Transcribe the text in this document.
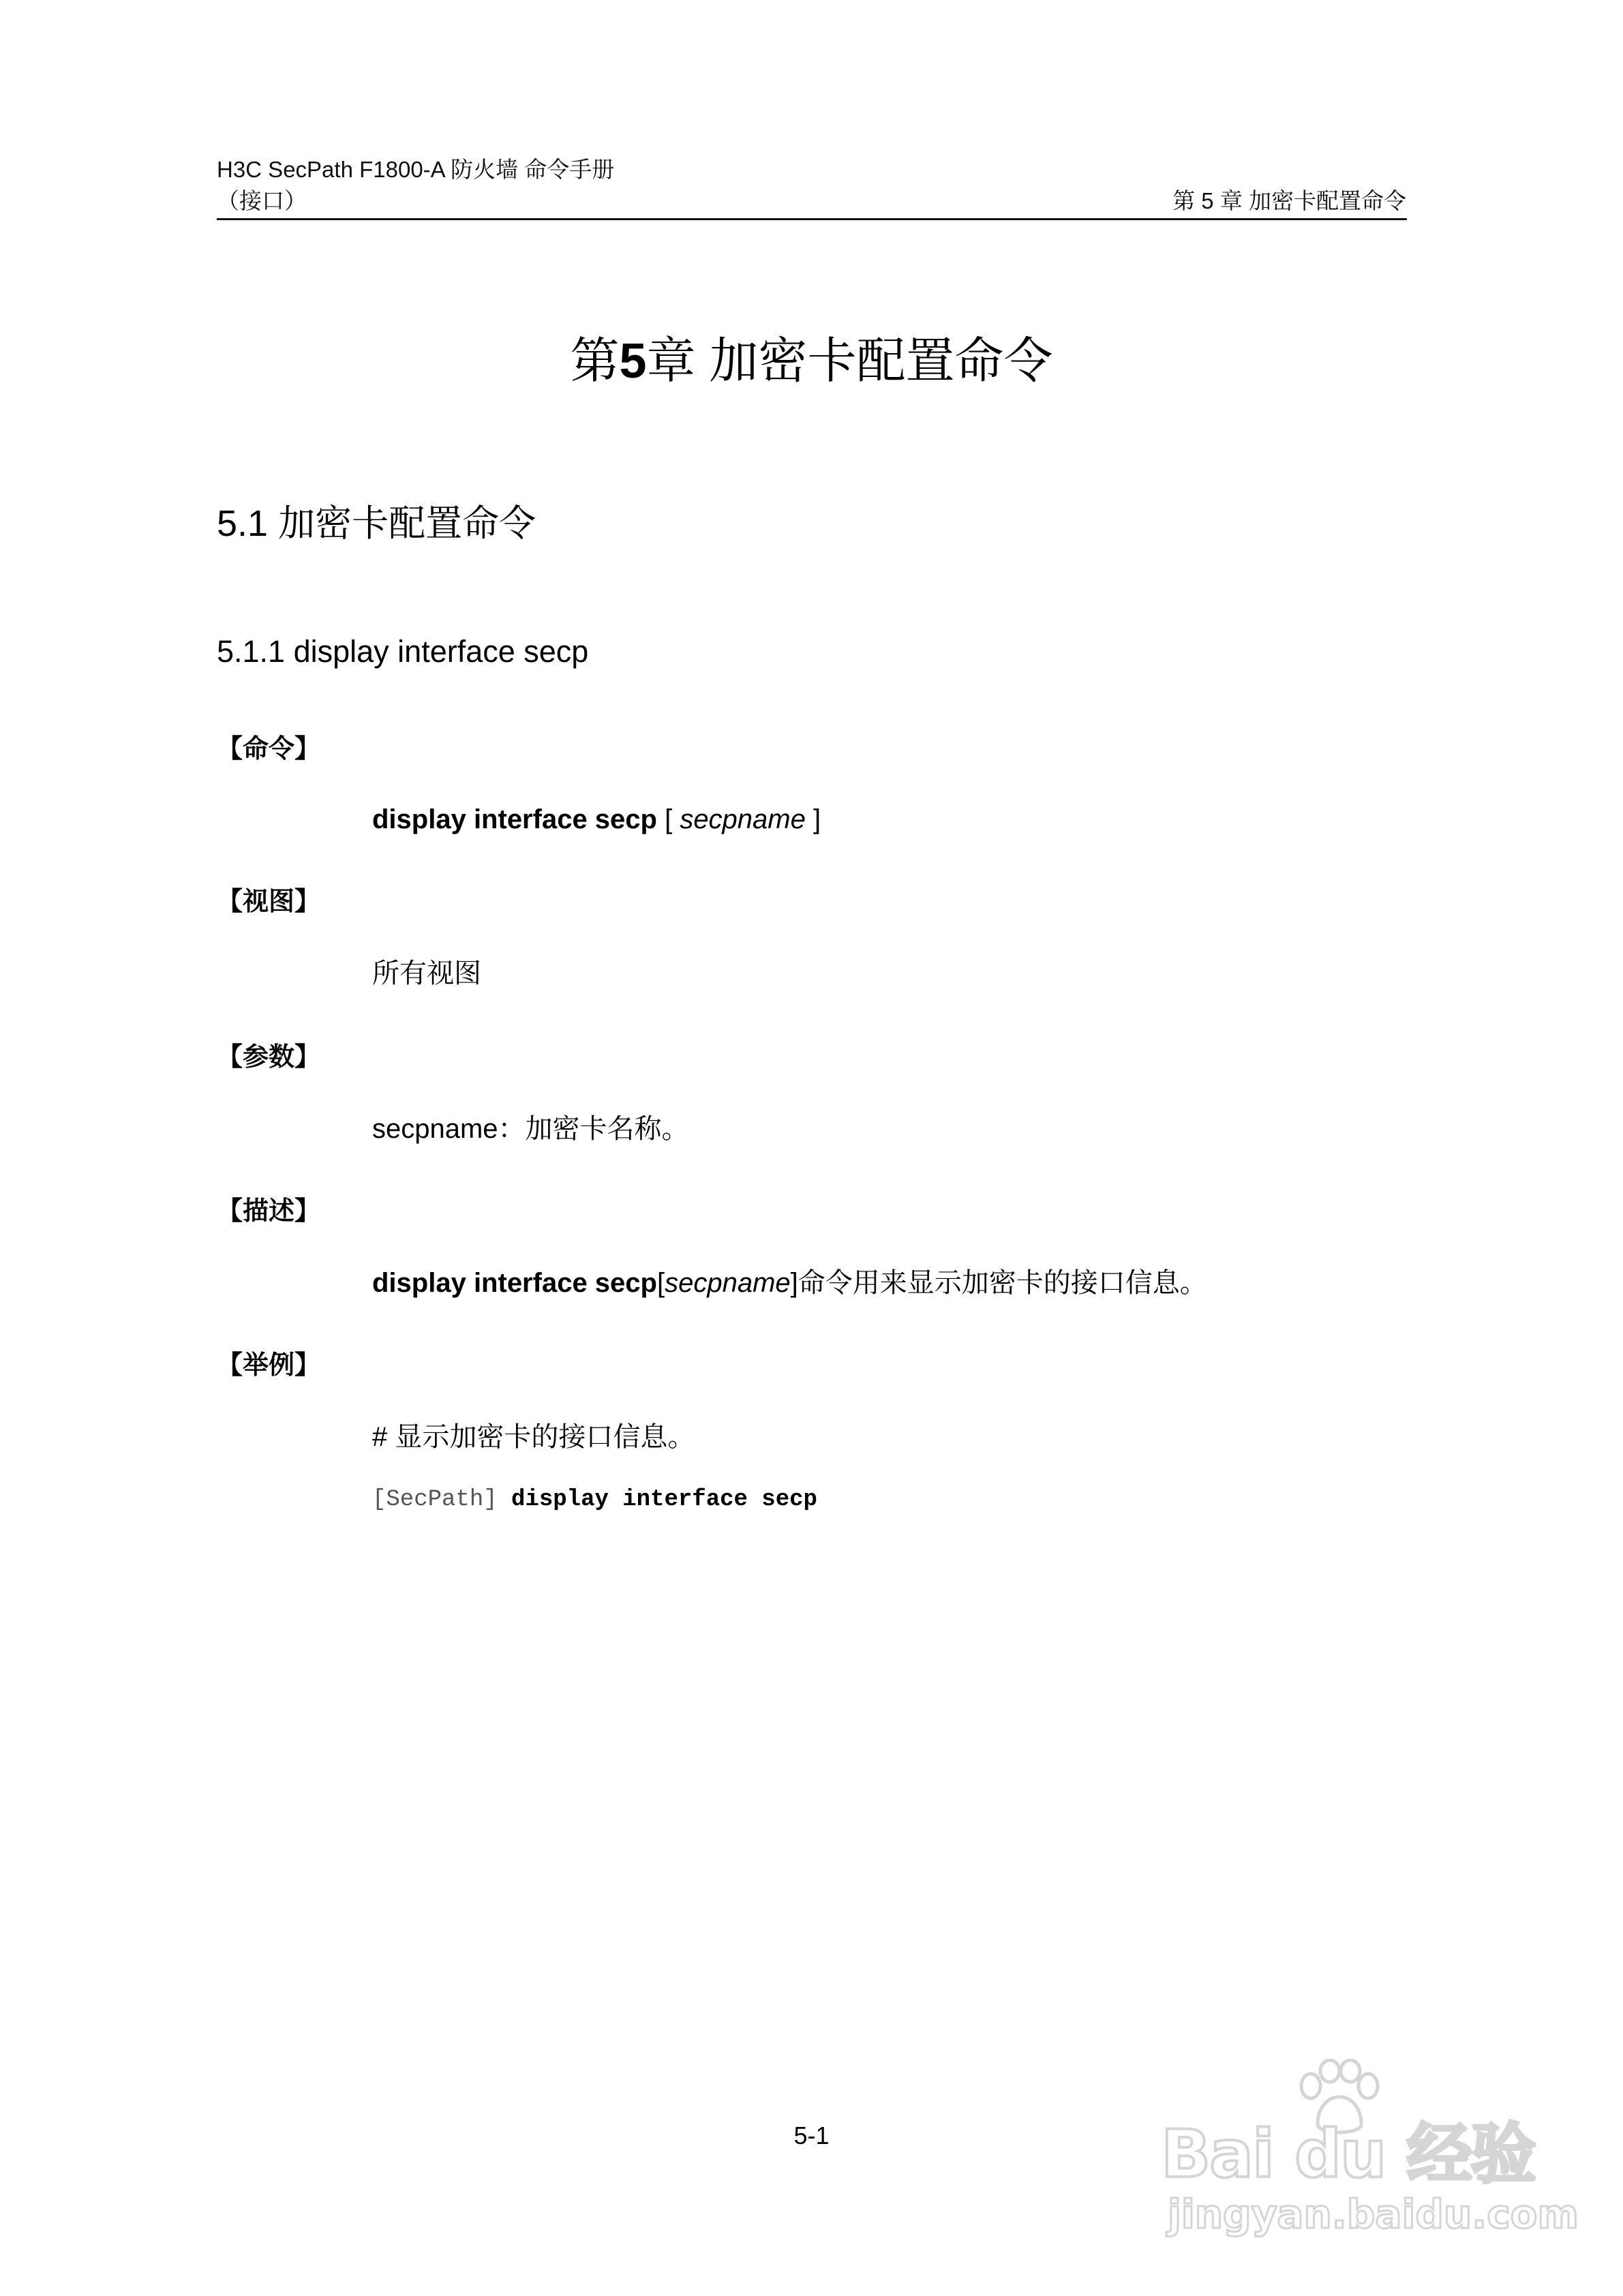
H3C SecPath F1800-A 防火墙 命令手册
（接口）	第 5 章 加密卡配置命令
第5章 加密卡配置命令
5.1 加密卡配置命令
5.1.1 display interface secp
【命令】
display interface secp [ secpname ]
【视图】
所有视图
【参数】
secpname：加密卡名称。
【描述】
display interface secp[secpname]命令用来显示加密卡的接口信息。
【举例】
# 显示加密卡的接口信息。
[SecPath] display interface secp
5-1	Bai du 经验
jingyan.baidu.com
